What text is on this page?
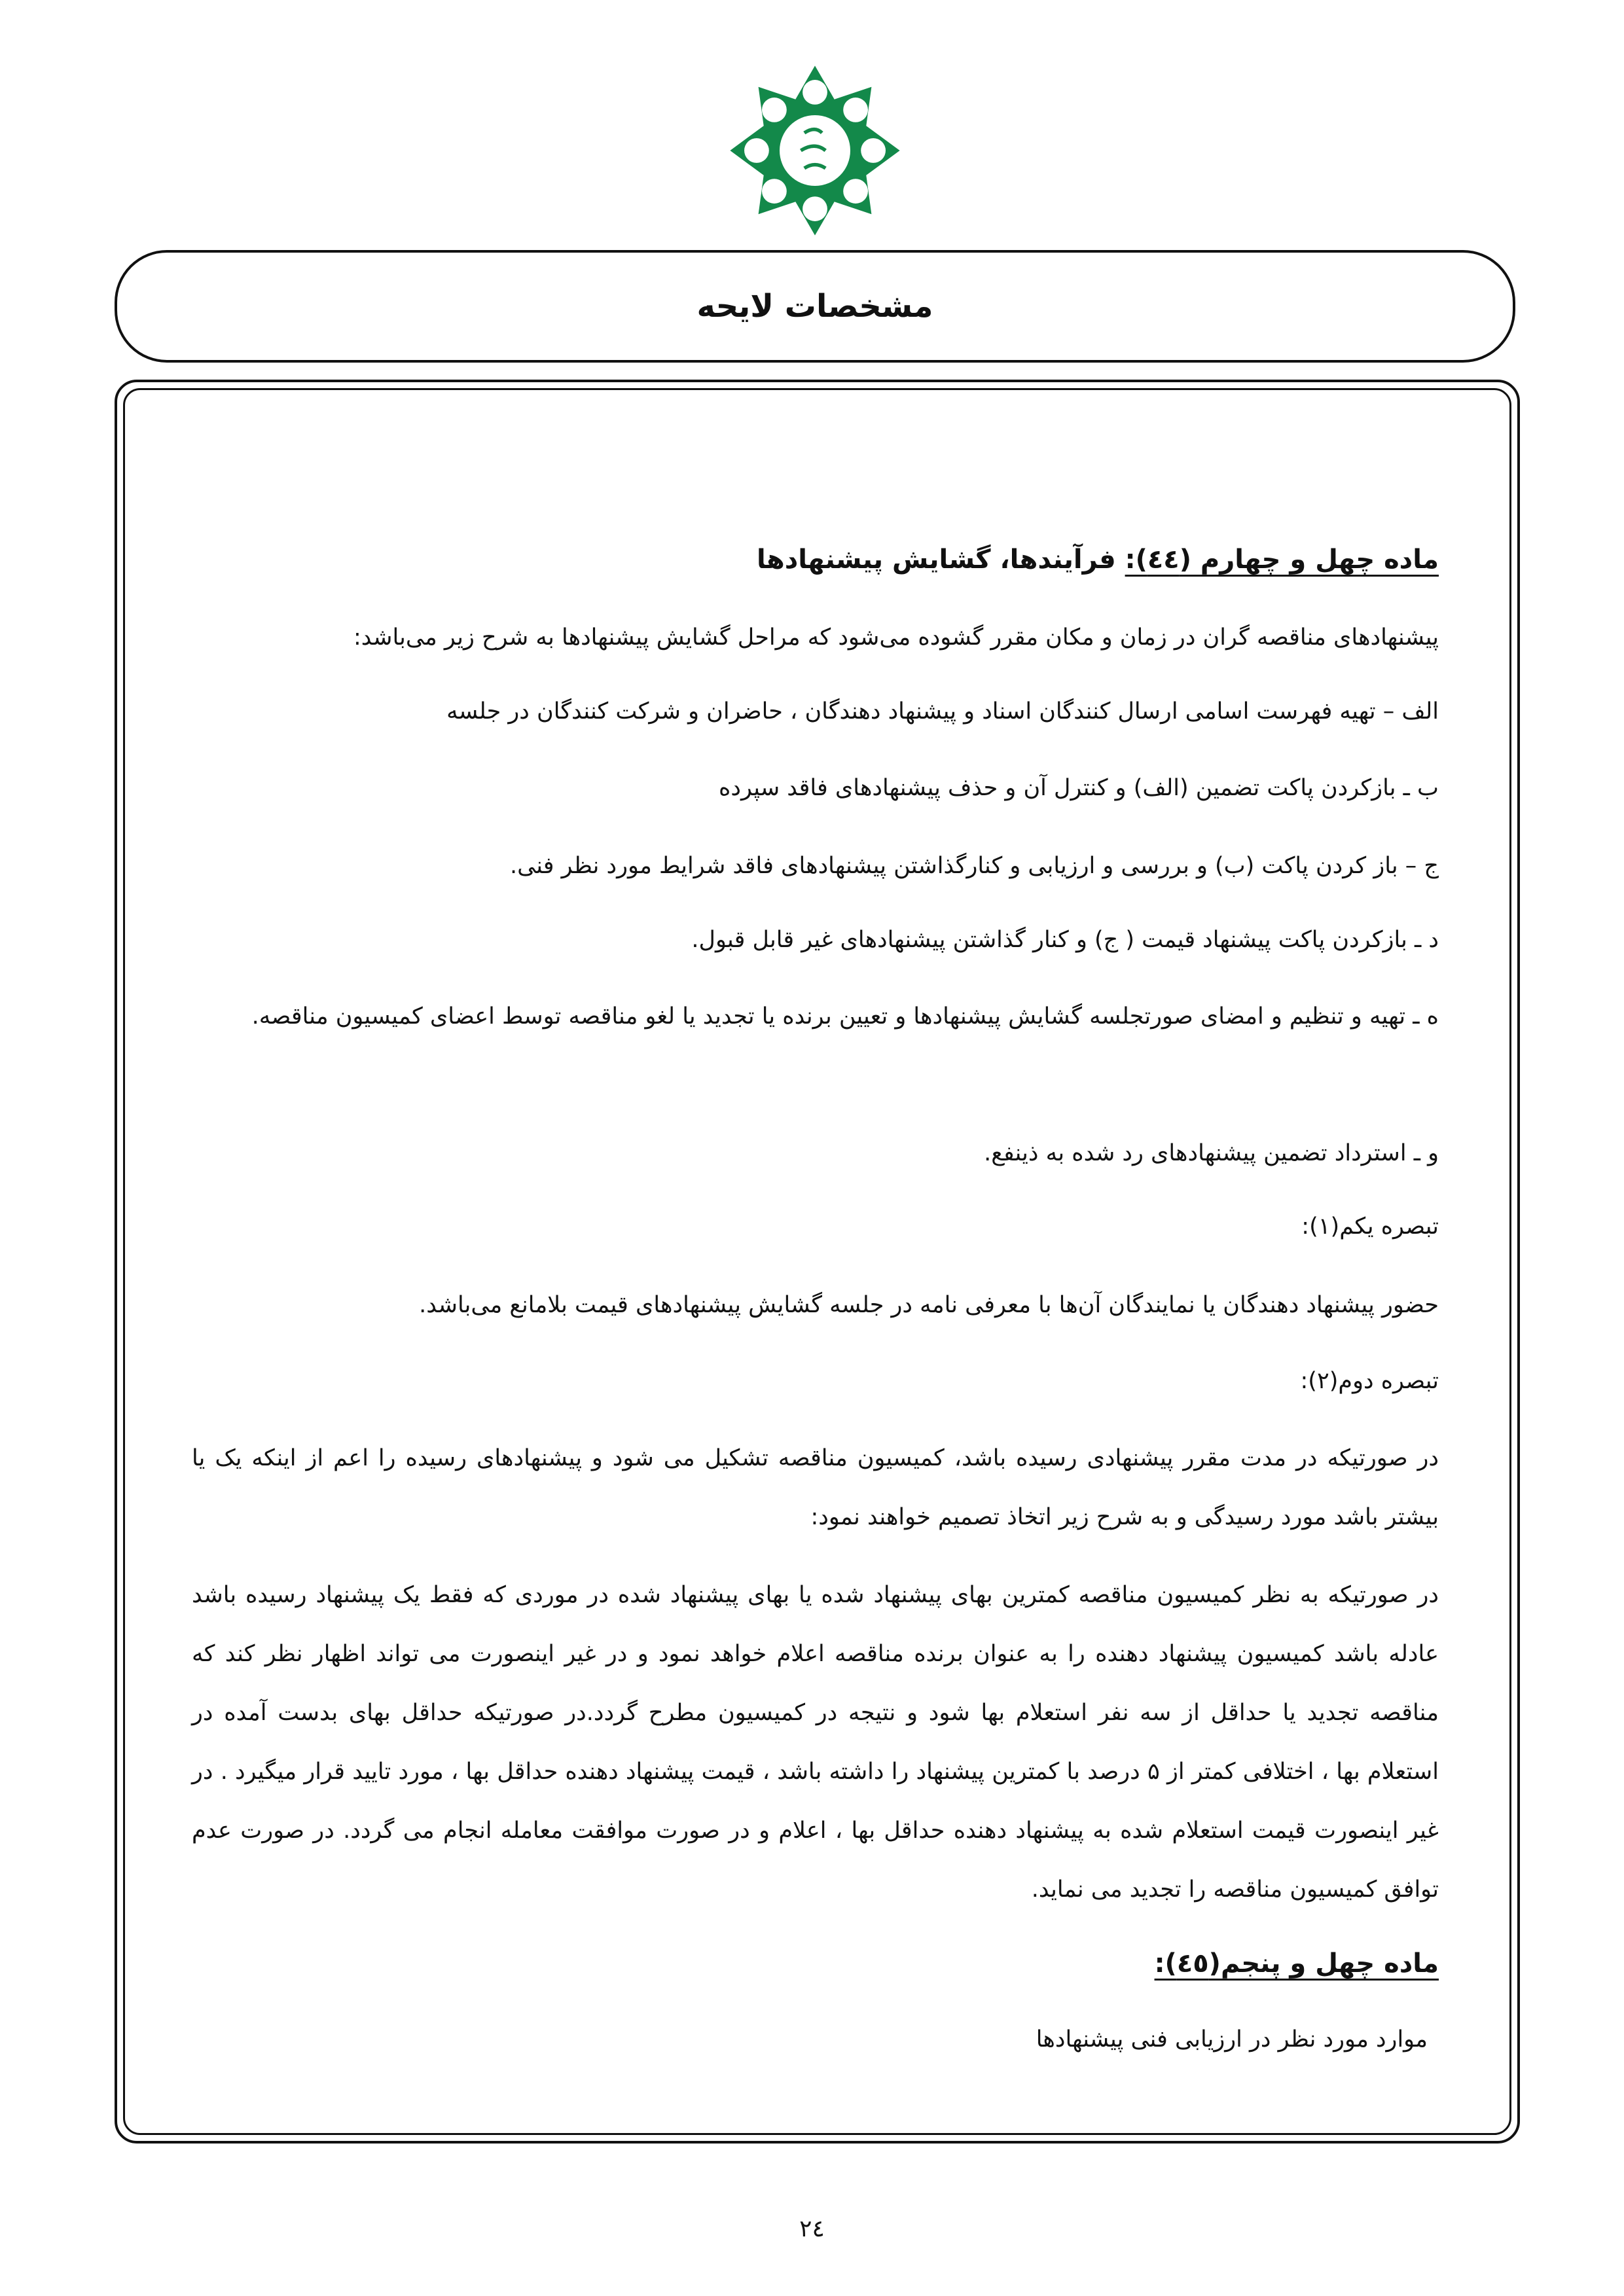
مشخصات لایحه
ماده چهل و چهارم (٤٤): فرآیندها، گشایش پیشنهادها
پیشنهادهای مناقصه گران در زمان و مکان مقرر گشوده می‌شود که مراحل گشایش پیشنهادها به شرح زیر می‌باشد:
الف – تهیه فهرست اسامی ارسال کنندگان اسناد و پیشنهاد دهندگان ، حاضران و شرکت کنندگان در جلسه
ب ـ بازکردن پاکت تضمین (الف) و کنترل آن و حذف پیشنهادهای فاقد سپرده
ج – باز کردن پاکت (ب) و بررسی و ارزیابی و کنارگذاشتن پیشنهادهای فاقد شرایط مورد نظر فنی.
د ـ بازکردن پاکت پیشنهاد قیمت ( ج) و کنار گذاشتن پیشنهادهای غیر قابل قبول.
ه ـ تهیه و تنظیم و امضای صورتجلسه گشایش پیشنهادها و تعیین برنده یا تجدید یا لغو مناقصه توسط اعضای کمیسیون مناقصه.
و ـ استرداد تضمین پیشنهادهای رد شده به ذینفع.
تبصره یکم(۱):
حضور پیشنهاد دهندگان یا نمایندگان آن‌ها با معرفی نامه در جلسه گشایش پیشنهادهای قیمت بلامانع می‌باشد.
تبصره دوم(۲):
در صورتیکه در مدت مقرر پیشنهادی رسیده باشد، کمیسیون مناقصه تشکیل می شود و پیشنهادهای رسیده را اعم از اینکه یک یا بیشتر باشد مورد رسیدگی و به شرح زیر اتخاذ تصمیم خواهند نمود:
در صورتیکه به نظر کمیسیون مناقصه کمترین بهای پیشنهاد شده یا بهای پیشنهاد شده در موردی که فقط یک پیشنهاد رسیده باشد عادله باشد کمیسیون پیشنهاد دهنده را به عنوان برنده مناقصه اعلام خواهد نمود و در غیر اینصورت می تواند اظهار نظر کند که مناقصه تجدید یا حداقل از سه نفر استعلام بها شود و نتیجه در کمیسیون مطرح گردد.در صورتیکه حداقل بهای بدست آمده در استعلام بها ، اختلافی کمتر از ۵ درصد با کمترین پیشنهاد را داشته باشد ، قیمت پیشنهاد دهنده حداقل بها ، مورد تایید قرار میگیرد . در غیر اینصورت قیمت استعلام شده به پیشنهاد دهنده حداقل بها ، اعلام و در صورت موافقت معامله انجام می گردد. در صورت عدم توافق کمیسیون مناقصه را تجدید می نماید.
ماده چهل و پنجم(٤٥):
موارد مورد نظر در ارزیابی فنی پیشنهادها
٢٤
